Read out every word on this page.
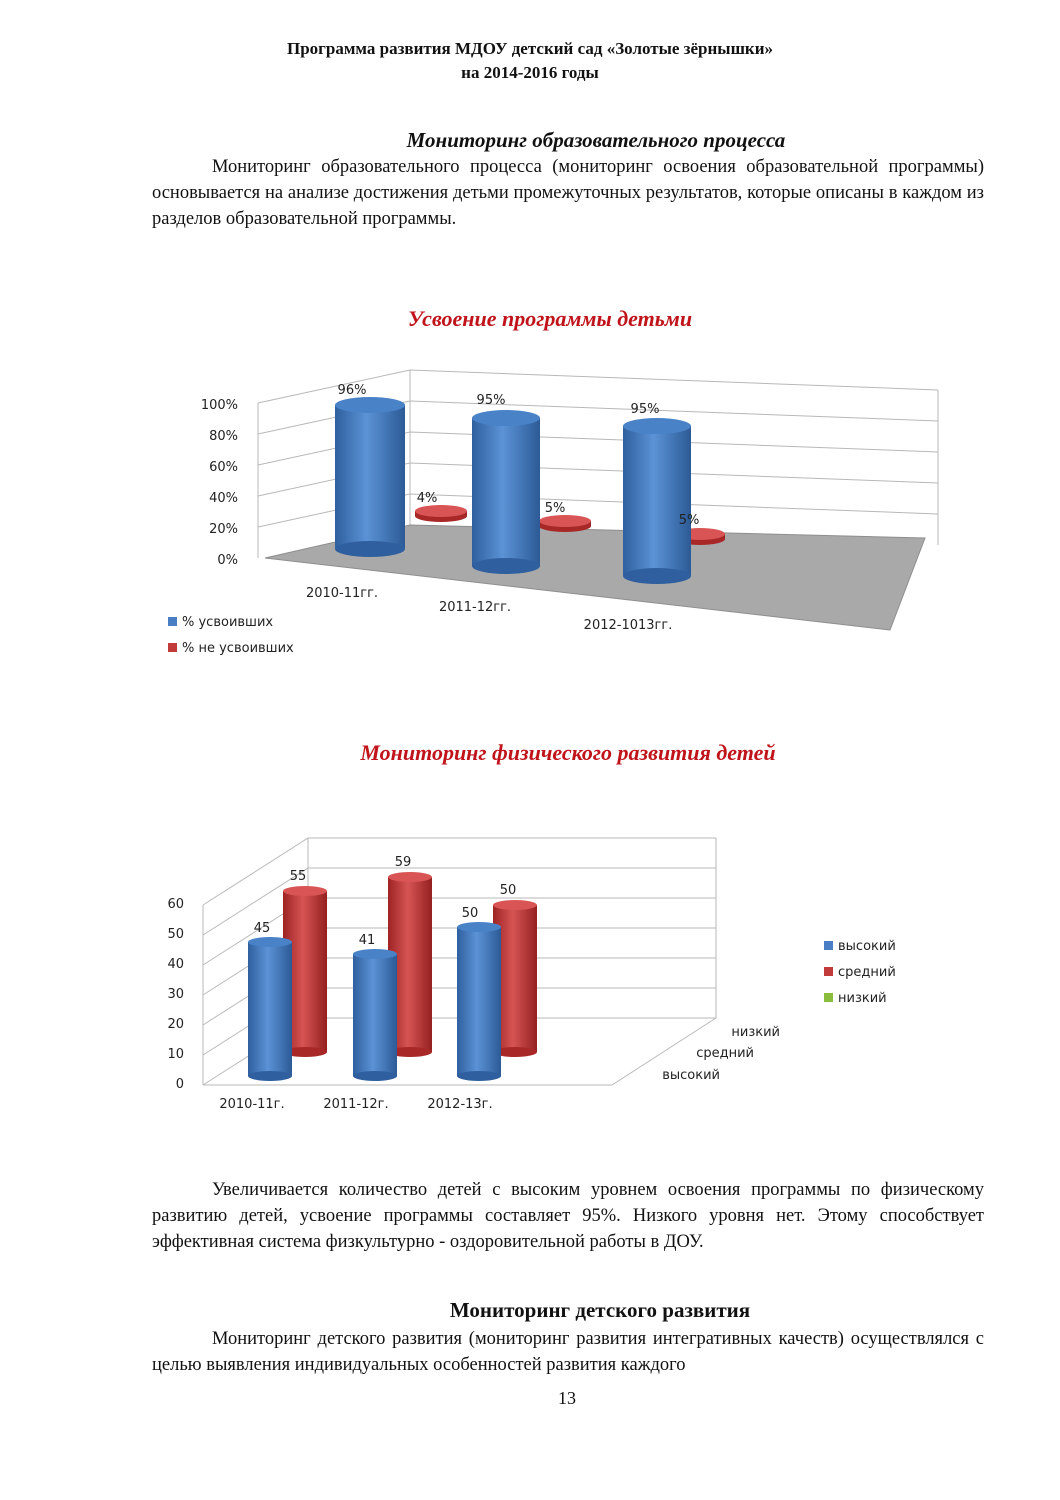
Программа развития МДОУ детский сад «Золотые зёрнышки»
на 2014-2016 годы
Мониторинг образовательного процесса
Мониторинг образовательного процесса (мониторинг освоения образовательной программы) основывается на анализе достижения детьми промежуточных результатов, которые описаны в каждом из разделов образовательной программы.
Усвоение программы детьми
100%
80%
60%
40%
20%
0%
96%
95%
95%
4%
5%
5%
2010-11гг.
2011-12гг.
2012-1013гг.
% усвоивших
% не усвоивших
Мониторинг физического развития детей
60
50
40
30
20
10
0
45
41
50
55
59
50
2010-11г.	2011-12г.	2012-13г.
высокий
средний
низкий
высокий
средний
низкий
Увеличивается количество детей с высоким уровнем освоения программы по физическому развитию детей, усвоение программы составляет 95%. Низкого уровня нет. Этому способствует эффективная система физкультурно - оздоровительной работы в ДОУ.
Мониторинг детского развития
Мониторинг детского развития (мониторинг развития интегративных качеств) осуществлялся с целью выявления индивидуальных особенностей развития каждого
13
